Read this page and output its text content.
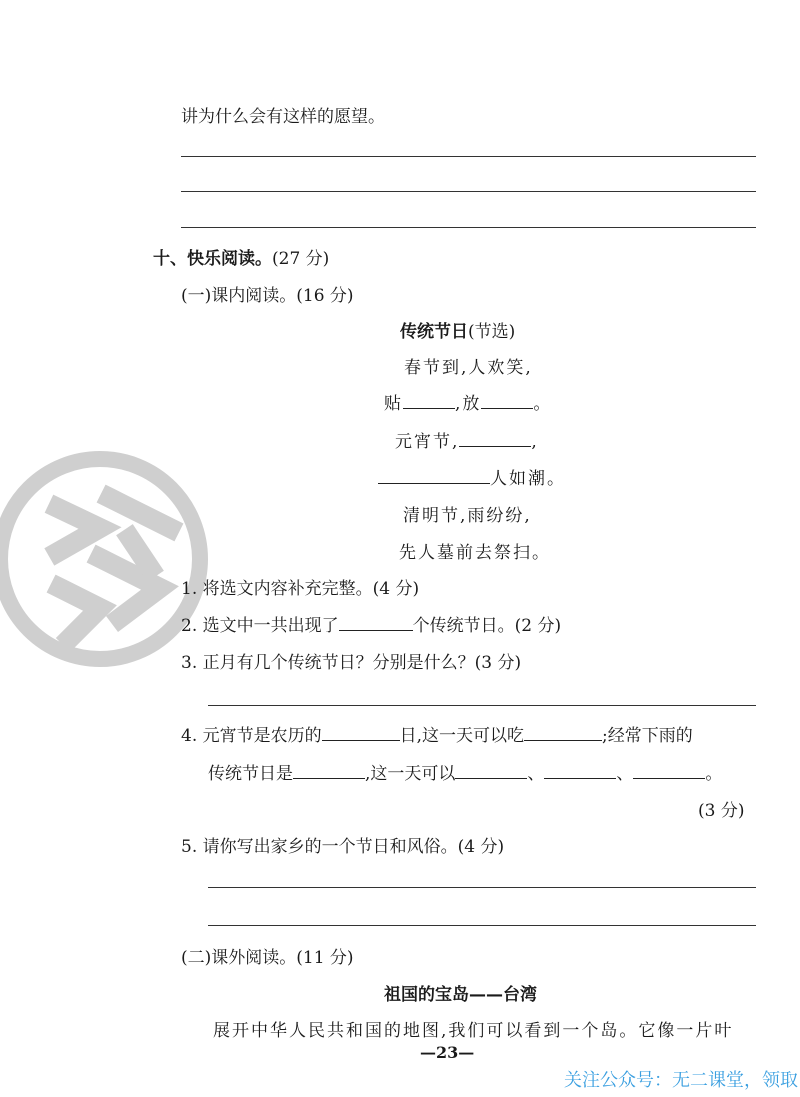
讲为什么会有这样的愿望。
十、快乐阅读。(27 分)
(一)课内阅读。(16 分)
传统节日(节选)
春节到,人欢笑,
贴	,放	。
元宵节,	,
人如潮。
清明节,雨纷纷,
先人墓前去祭扫。
1. 将选文内容补充完整。(4 分)
2. 选文中一共出现了	个传统节日。(2 分)
3. 正月有几个传统节日？分别是什么？(3 分)
4. 元宵节是农历的	日,这一天可以吃	;经常下雨的
传统节日是	,这一天可以	、	、	。
(3 分)
5. 请你写出家乡的一个节日和风俗。(4 分)
(二)课外阅读。(11 分)
祖国的宝岛——台湾
展开中华人民共和国的地图,我们可以看到一个岛。它像一片叶
—23—
关注公众号：无二课堂，领取
